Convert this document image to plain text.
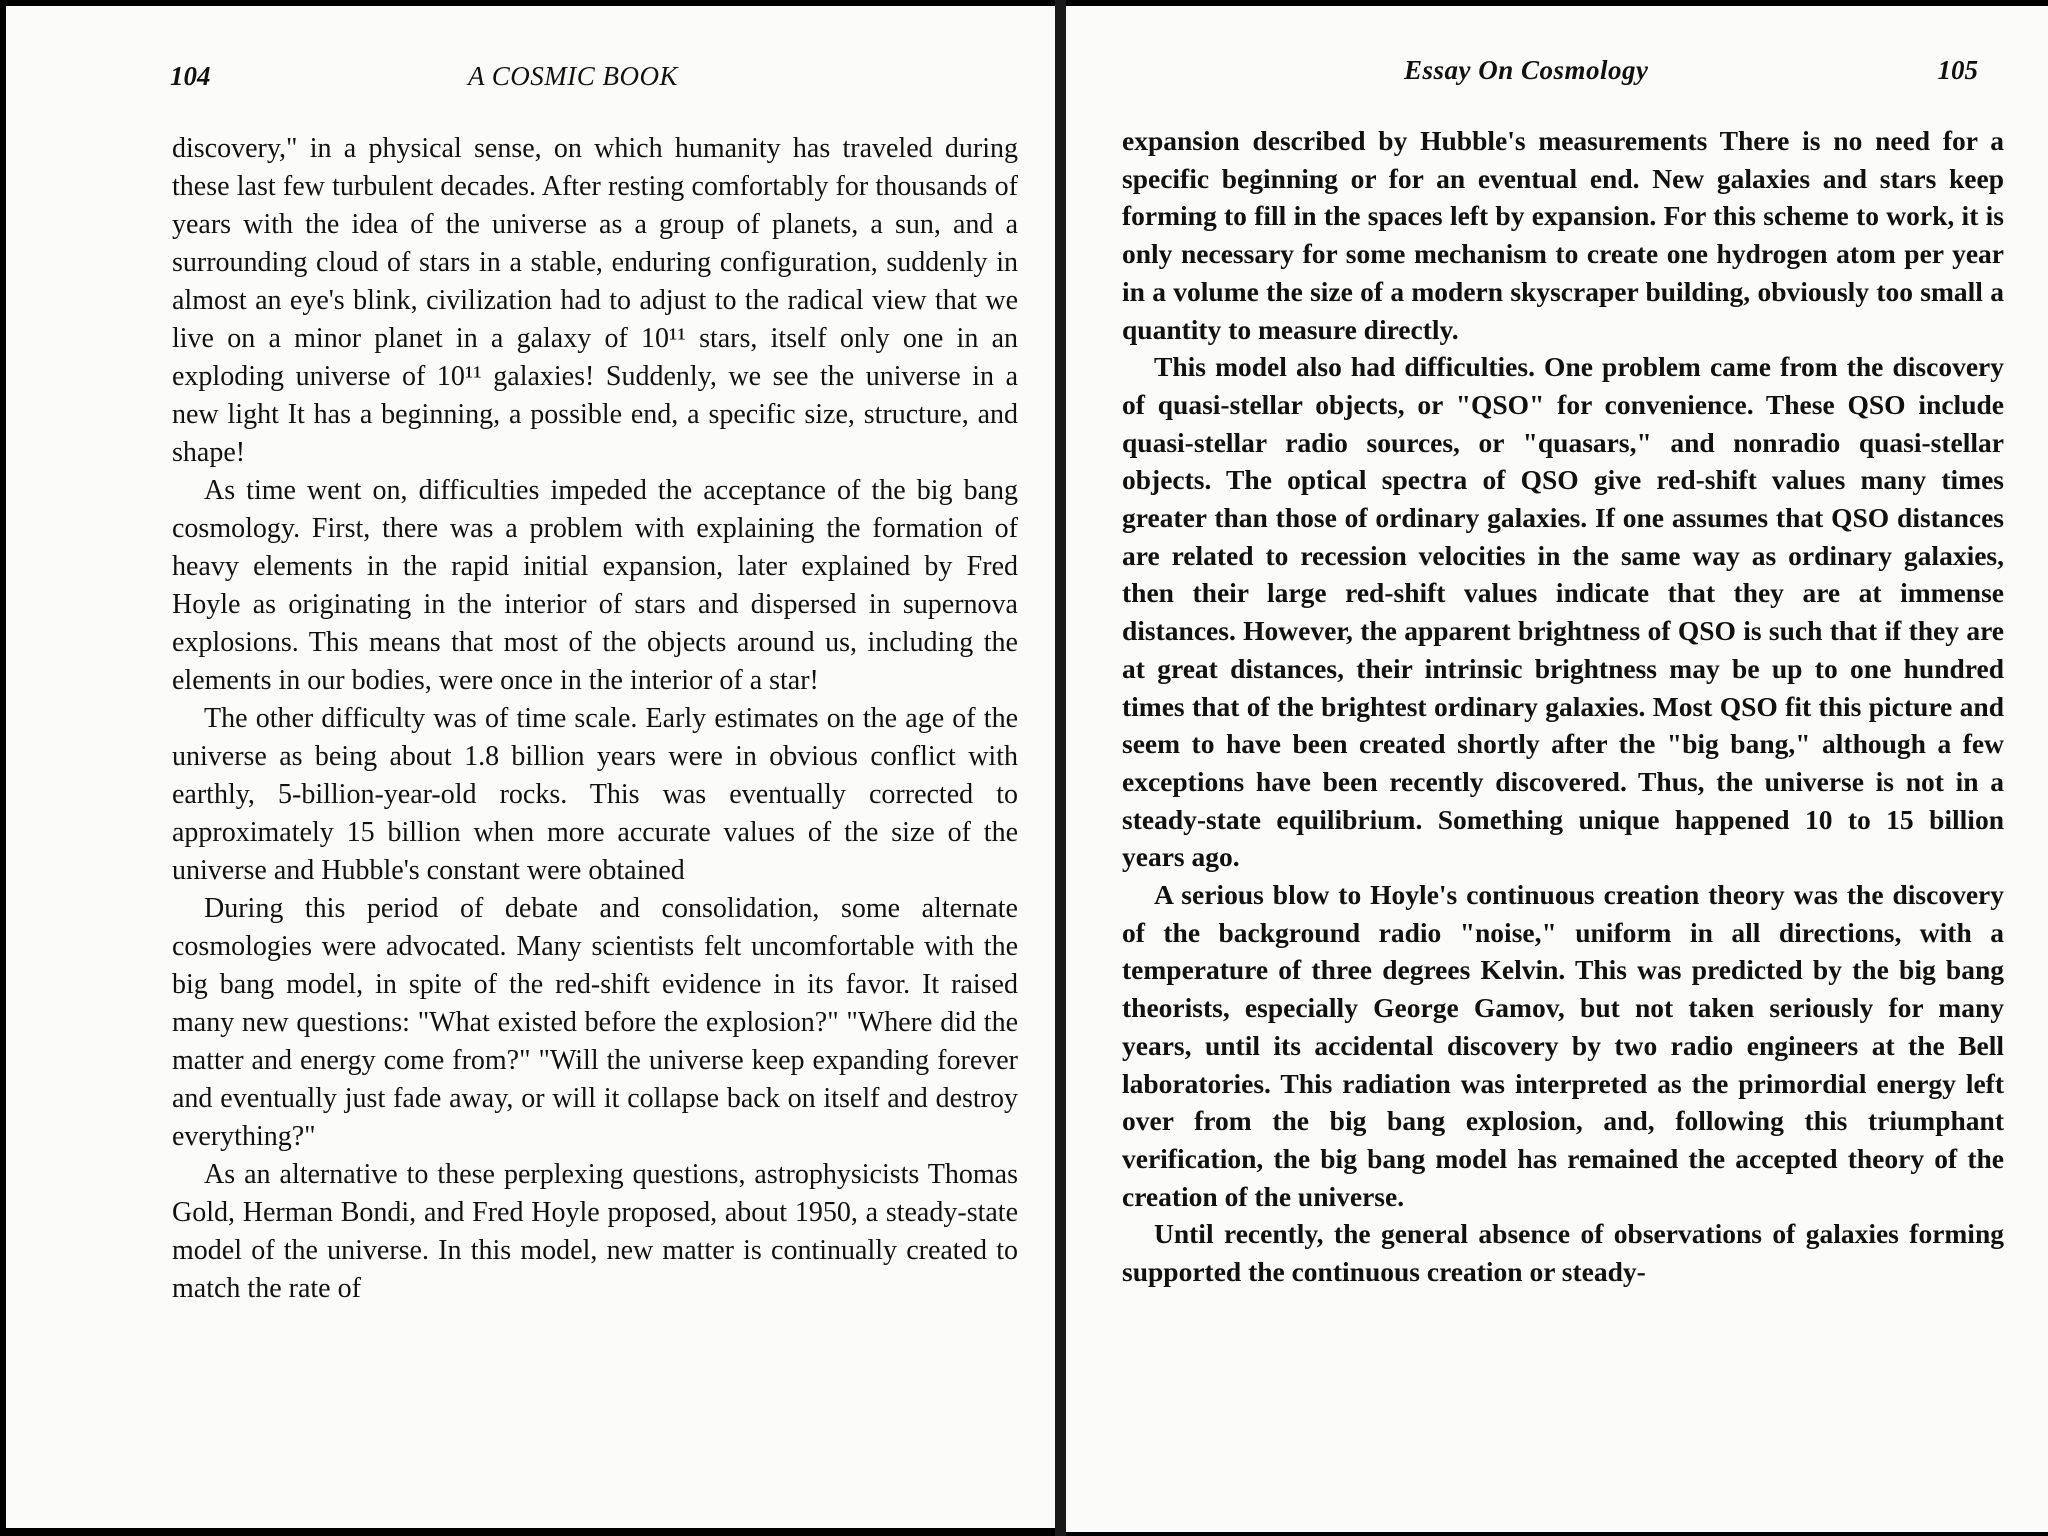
104	A COSMIC BOOK

discovery," in a physical sense, on which humanity has traveled during these last few turbulent decades. After resting comfortably for thousands of years with the idea of the universe as a group of planets, a sun, and a surrounding cloud of stars in a stable, enduring configuration, suddenly in almost an eye's blink, civilization had to adjust to the radical view that we live on a minor planet in a galaxy of 10¹¹ stars, itself only one in an exploding universe of 10¹¹ galaxies! Suddenly, we see the universe in a new light It has a beginning, a possible end, a specific size, structure, and shape!

As time went on, difficulties impeded the acceptance of the big bang cosmology. First, there was a problem with explaining the formation of heavy elements in the rapid initial expansion, later explained by Fred Hoyle as originating in the interior of stars and dispersed in supernova explosions. This means that most of the objects around us, including the elements in our bodies, were once in the interior of a star!

The other difficulty was of time scale. Early estimates on the age of the universe as being about 1.8 billion years were in obvious conflict with earthly, 5-billion-year-old rocks. This was eventually corrected to approximately 15 billion when more accurate values of the size of the universe and Hubble's constant were obtained

During this period of debate and consolidation, some alternate cosmologies were advocated. Many scientists felt uncomfortable with the big bang model, in spite of the red-shift evidence in its favor. It raised many new questions: "What existed before the explosion?" "Where did the matter and energy come from?" "Will the universe keep expanding forever and eventually just fade away, or will it collapse back on itself and destroy everything?"

As an alternative to these perplexing questions, astrophysicists Thomas Gold, Herman Bondi, and Fred Hoyle proposed, about 1950, a steady-state model of the universe. In this model, new matter is continually created to match the rate of

Essay On Cosmology	105

expansion described by Hubble's measurements There is no need for a specific beginning or for an eventual end. New galaxies and stars keep forming to fill in the spaces left by expansion. For this scheme to work, it is only necessary for some mechanism to create one hydrogen atom per year in a volume the size of a modern skyscraper building, obviously too small a quantity to measure directly.

This model also had difficulties. One problem came from the discovery of quasi-stellar objects, or "QSO" for convenience. These QSO include quasi-stellar radio sources, or "quasars," and nonradio quasi-stellar objects. The optical spectra of QSO give red-shift values many times greater than those of ordinary galaxies. If one assumes that QSO distances are related to recession velocities in the same way as ordinary galaxies, then their large red-shift values indicate that they are at immense distances. However, the apparent brightness of QSO is such that if they are at great distances, their intrinsic brightness may be up to one hundred times that of the brightest ordinary galaxies. Most QSO fit this picture and seem to have been created shortly after the "big bang," although a few exceptions have been recently discovered. Thus, the universe is not in a steady-state equilibrium. Something unique happened 10 to 15 billion years ago.

A serious blow to Hoyle's continuous creation theory was the discovery of the background radio "noise," uniform in all directions, with a temperature of three degrees Kelvin. This was predicted by the big bang theorists, especially George Gamov, but not taken seriously for many years, until its accidental discovery by two radio engineers at the Bell laboratories. This radiation was interpreted as the primordial energy left over from the big bang explosion, and, following this triumphant verification, the big bang model has remained the accepted theory of the creation of the universe.

Until recently, the general absence of observations of galaxies forming supported the continuous creation or steady-
